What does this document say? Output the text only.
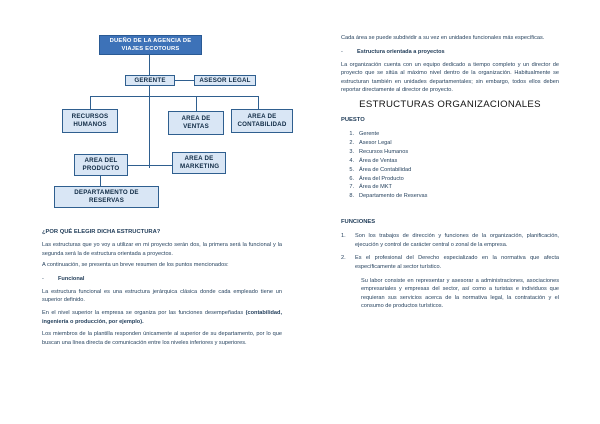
DUEÑO DE LA AGENCIA DE VIAJES ECOTOURS
GERENTE	ASESOR LEGAL
RECURSOS HUMANOS
AREA DE VENTAS
AREA DE CONTABILIDAD
AREA DEL PRODUCTO
AREA DE MARKETING
DEPARTAMENTO DE RESERVAS

¿POR QUÉ ELEGIR DICHA ESTRUCTURA?

Las estructuras que yo voy a utilizar en mi proyecto serán dos, la primera será la funcional y la segunda será la de estructura orientada a proyectos.

A continuación, se presenta un breve resumen de los puntos mencionados:

-	Funcional

La estructura funcional es una estructura jerárquica clásica donde cada empleado tiene un superior definido.

En el nivel superior la empresa se organiza por las funciones desempeñadas (contabilidad, ingeniería o producción, por ejemplo).

Los miembros de la plantilla responden únicamente al superior de su departamento, por lo que buscan una línea directa de comunicación entre los niveles inferiores y superiores.

Cada área se puede subdividir a su vez en unidades funcionales más específicas.

-	Estructura orientada a proyectos

La organización cuenta con un equipo dedicado a tiempo completo y un director de proyecto que se sitúa al máximo nivel dentro de la organización. Habitualmente se estructuran también en unidades departamentales; sin embargo, todos ellos deben reportar directamente al director de proyecto.

ESTRUCTURAS ORGANIZACIONALES

PUESTO

1. Gerente
2. Asesor Legal
3. Recursos Humanos
4. Área de Ventas
5. Área de Contabilidad
6. Área del Producto
7. Área de MKT
8. Departamento de Reservas

FUNCIONES

1.	Son los trabajos de dirección y funciones de la organización, planificación, ejecución y control de carácter central o zonal de la empresa.
2.	Es el profesional del Derecho especializado en la normativa que afecta específicamente al sector turístico.

Su labor consiste en representar y asesorar a administraciones, asociaciones empresariales y empresas del sector, así como a turistas e individuos que requieran sus servicios acerca de la normativa legal, la contratación y el consumo de productos turísticos.
